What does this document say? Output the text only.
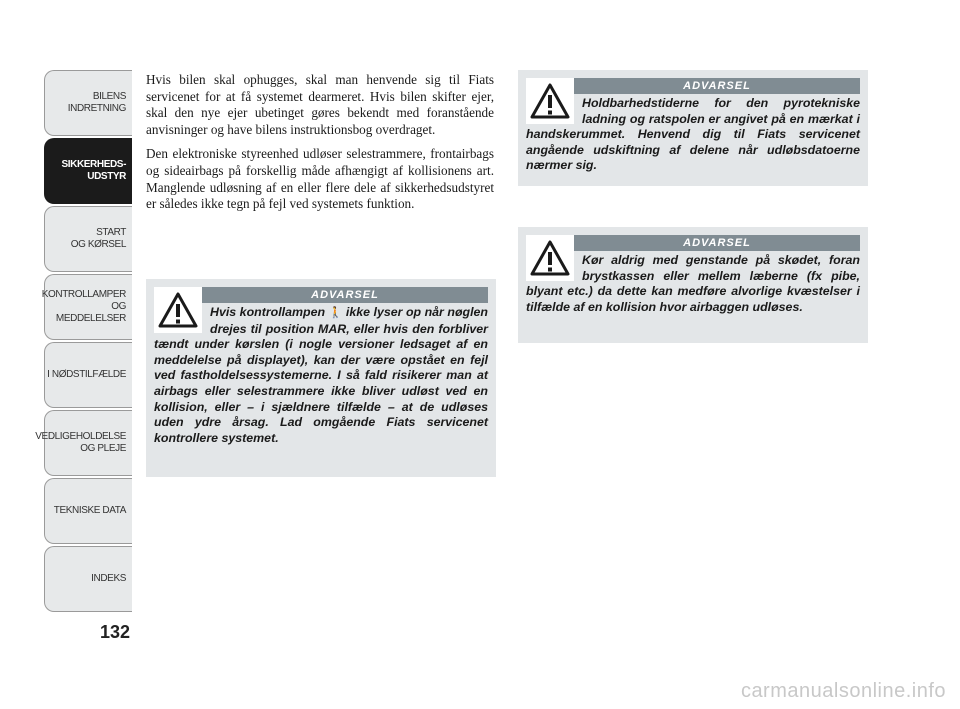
BILENS
INDRETNING
SIKKERHEDS-
UDSTYR
START
OG KØRSEL
KONTROLLAMPER
OG MEDDELELSER
I NØDSTILFÆLDE
VEDLIGEHOLDELSE
OG PLEJE
TEKNISKE DATA
INDEKS
132

Hvis bilen skal ophugges, skal man henvende sig til Fiats servicenet for at få systemet dearmeret. Hvis bilen skifter ejer, skal den nye ejer ubetinget gøres bekendt med foranstående anvisninger og have bilens instruktionsbog overdraget.

Den elektroniske styreenhed udløser selestrammere, frontairbags og sideairbags på forskellig måde afhængigt af kollisionens art. Manglende udløsning af en eller flere dele af sikkerhedsudstyret er således ikke tegn på fejl ved systemets funktion.

ADVARSEL
Hvis kontrollampen 🚶 ikke lyser op når nøglen drejes til position MAR, eller hvis den forbliver tændt under kørslen (i nogle versioner ledsaget af en meddelelse på displayet), kan der være opstået en fejl ved fastholdelsessystemerne. I så fald risikerer man at airbags eller selestrammere ikke bliver udløst ved en kollision, eller – i sjældnere tilfælde – at de udløses uden ydre årsag. Lad omgående Fiats servicenet kontrollere systemet.
ADVARSEL
Holdbarhedstiderne for den pyrotekniske ladning og ratspolen er angivet på en mærkat i handskerummet. Henvend dig til Fiats servicenet angående udskiftning af delene når udløbsdatoerne nærmer sig.
ADVARSEL
Kør aldrig med genstande på skødet, foran brystkassen eller mellem læberne (fx pibe, blyant etc.) da dette kan medføre alvorlige kvæstelser i tilfælde af en kollision hvor airbaggen udløses.
carmanualsonline.info
